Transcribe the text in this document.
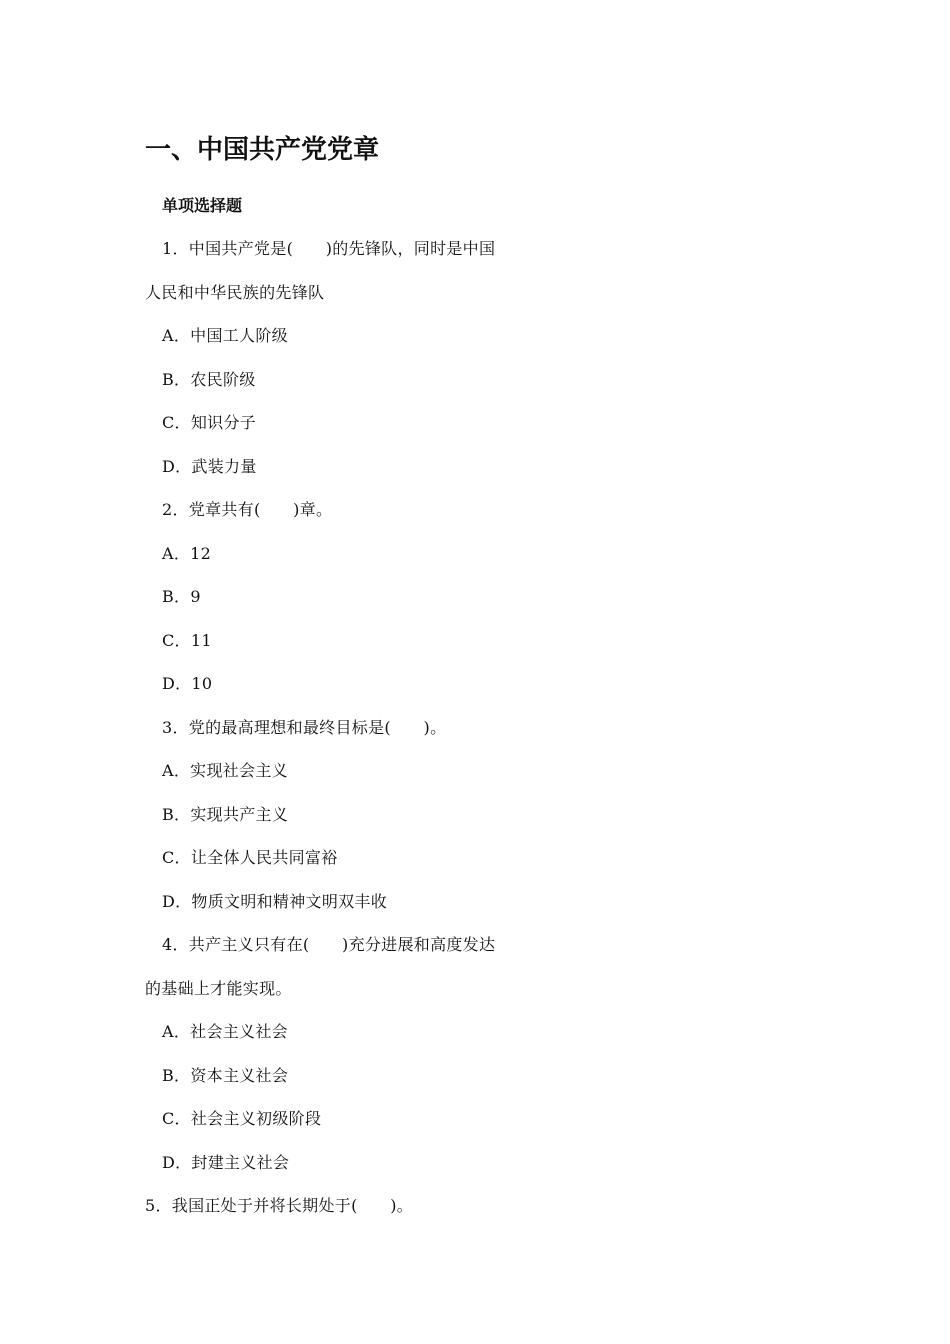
一、中国共产党党章
单项选择题

1．中国共产党是(　　)的先锋队，同时是中国

人民和中华民族的先锋队

A．中国工人阶级

B．农民阶级

C．知识分子

D．武装力量

2．党章共有(　　)章。

A．12

B．9

C．11

D．10

3．党的最高理想和最终目标是(　　)。

A．实现社会主义

B．实现共产主义

C．让全体人民共同富裕

D．物质文明和精神文明双丰收

4．共产主义只有在(　　)充分进展和高度发达

的基础上才能实现。

A．社会主义社会

B．资本主义社会

C．社会主义初级阶段

D．封建主义社会

5．我国正处于并将长期处于(　　)。
